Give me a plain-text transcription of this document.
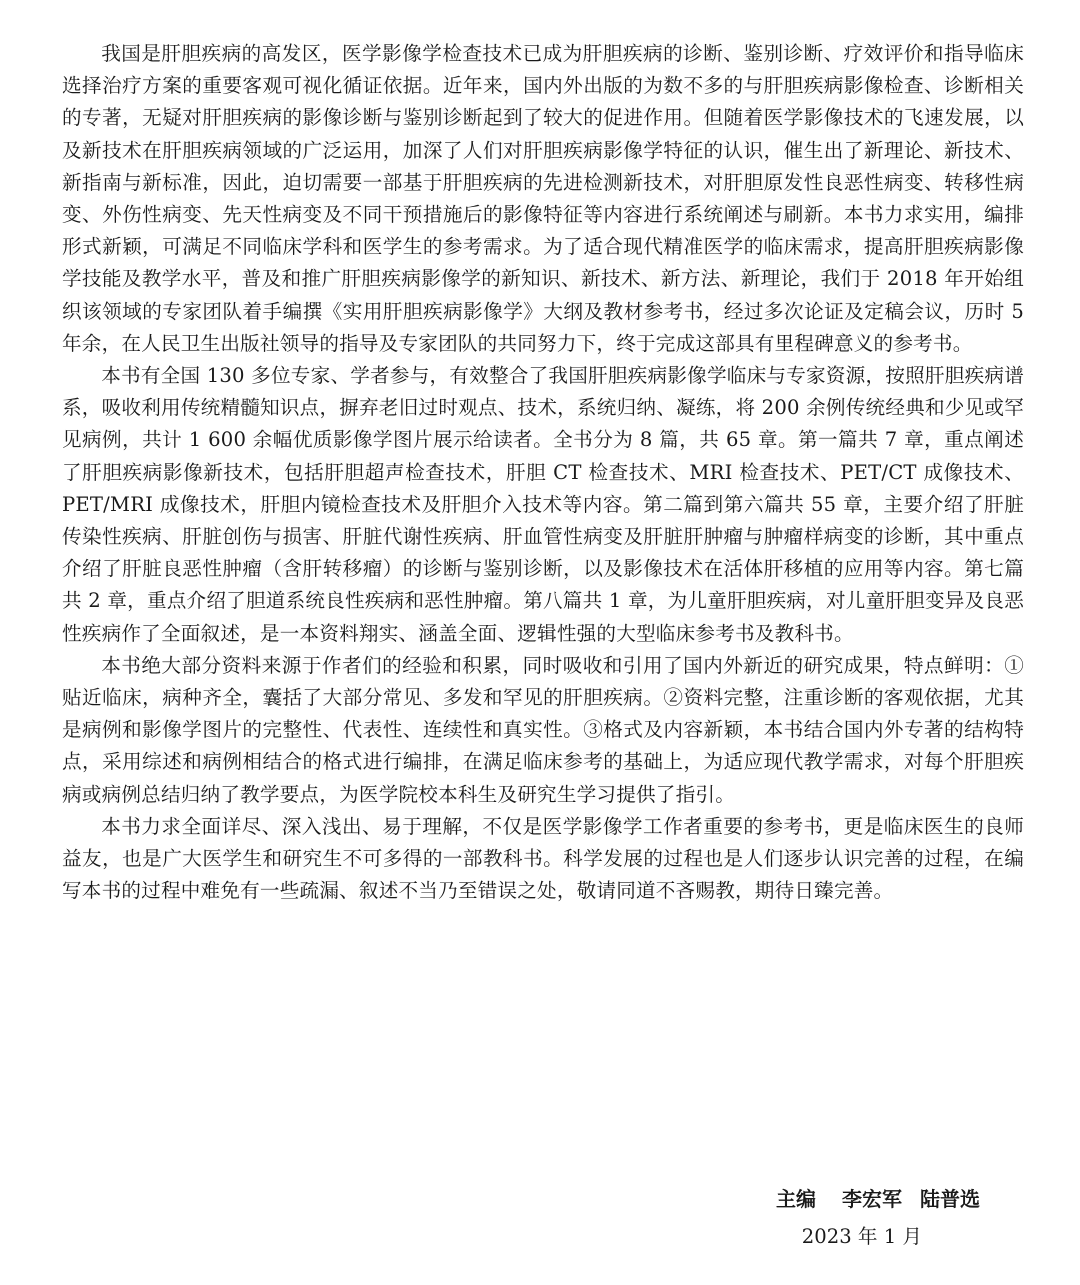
我国是肝胆疾病的高发区，医学影像学检查技术已成为肝胆疾病的诊断、鉴别诊断、疗效评价和指导临床选择治疗方案的重要客观可视化循证依据。近年来，国内外出版的为数不多的与肝胆疾病影像检查、诊断相关的专著，无疑对肝胆疾病的影像诊断与鉴别诊断起到了较大的促进作用。但随着医学影像技术的飞速发展，以及新技术在肝胆疾病领域的广泛运用，加深了人们对肝胆疾病影像学特征的认识，催生出了新理论、新技术、新指南与新标准，因此，迫切需要一部基于肝胆疾病的先进检测新技术，对肝胆原发性良恶性病变、转移性病变、外伤性病变、先天性病变及不同干预措施后的影像特征等内容进行系统阐述与刷新。本书力求实用，编排形式新颖，可满足不同临床学科和医学生的参考需求。为了适合现代精准医学的临床需求，提高肝胆疾病影像学技能及教学水平，普及和推广肝胆疾病影像学的新知识、新技术、新方法、新理论，我们于 2018 年开始组织该领域的专家团队着手编撰《实用肝胆疾病影像学》大纲及教材参考书，经过多次论证及定稿会议，历时 5 年余，在人民卫生出版社领导的指导及专家团队的共同努力下，终于完成这部具有里程碑意义的参考书。

本书有全国 130 多位专家、学者参与，有效整合了我国肝胆疾病影像学临床与专家资源，按照肝胆疾病谱系，吸收利用传统精髓知识点，摒弃老旧过时观点、技术，系统归纳、凝练，将 200 余例传统经典和少见或罕见病例，共计 1 600 余幅优质影像学图片展示给读者。全书分为 8 篇，共 65 章。第一篇共 7 章，重点阐述了肝胆疾病影像新技术，包括肝胆超声检查技术，肝胆 CT 检查技术、MRI 检查技术、PET/CT 成像技术、PET/MRI 成像技术，肝胆内镜检查技术及肝胆介入技术等内容。第二篇到第六篇共 55 章，主要介绍了肝脏传染性疾病、肝脏创伤与损害、肝脏代谢性疾病、肝血管性病变及肝脏肝肿瘤与肿瘤样病变的诊断，其中重点介绍了肝脏良恶性肿瘤（含肝转移瘤）的诊断与鉴别诊断，以及影像技术在活体肝移植的应用等内容。第七篇共 2 章，重点介绍了胆道系统良性疾病和恶性肿瘤。第八篇共 1 章，为儿童肝胆疾病，对儿童肝胆变异及良恶性疾病作了全面叙述，是一本资料翔实、涵盖全面、逻辑性强的大型临床参考书及教科书。

本书绝大部分资料来源于作者们的经验和积累，同时吸收和引用了国内外新近的研究成果，特点鲜明：①贴近临床，病种齐全，囊括了大部分常见、多发和罕见的肝胆疾病。②资料完整，注重诊断的客观依据，尤其是病例和影像学图片的完整性、代表性、连续性和真实性。③格式及内容新颖，本书结合国内外专著的结构特点，采用综述和病例相结合的格式进行编排，在满足临床参考的基础上，为适应现代教学需求，对每个肝胆疾病或病例总结归纳了教学要点，为医学院校本科生及研究生学习提供了指引。

本书力求全面详尽、深入浅出、易于理解，不仅是医学影像学工作者重要的参考书，更是临床医生的良师益友，也是广大医学生和研究生不可多得的一部教科书。科学发展的过程也是人们逐步认识完善的过程，在编写本书的过程中难免有一些疏漏、叙述不当乃至错误之处，敬请同道不吝赐教，期待日臻完善。

主编 李宏军 陆普选
2023 年 1 月
